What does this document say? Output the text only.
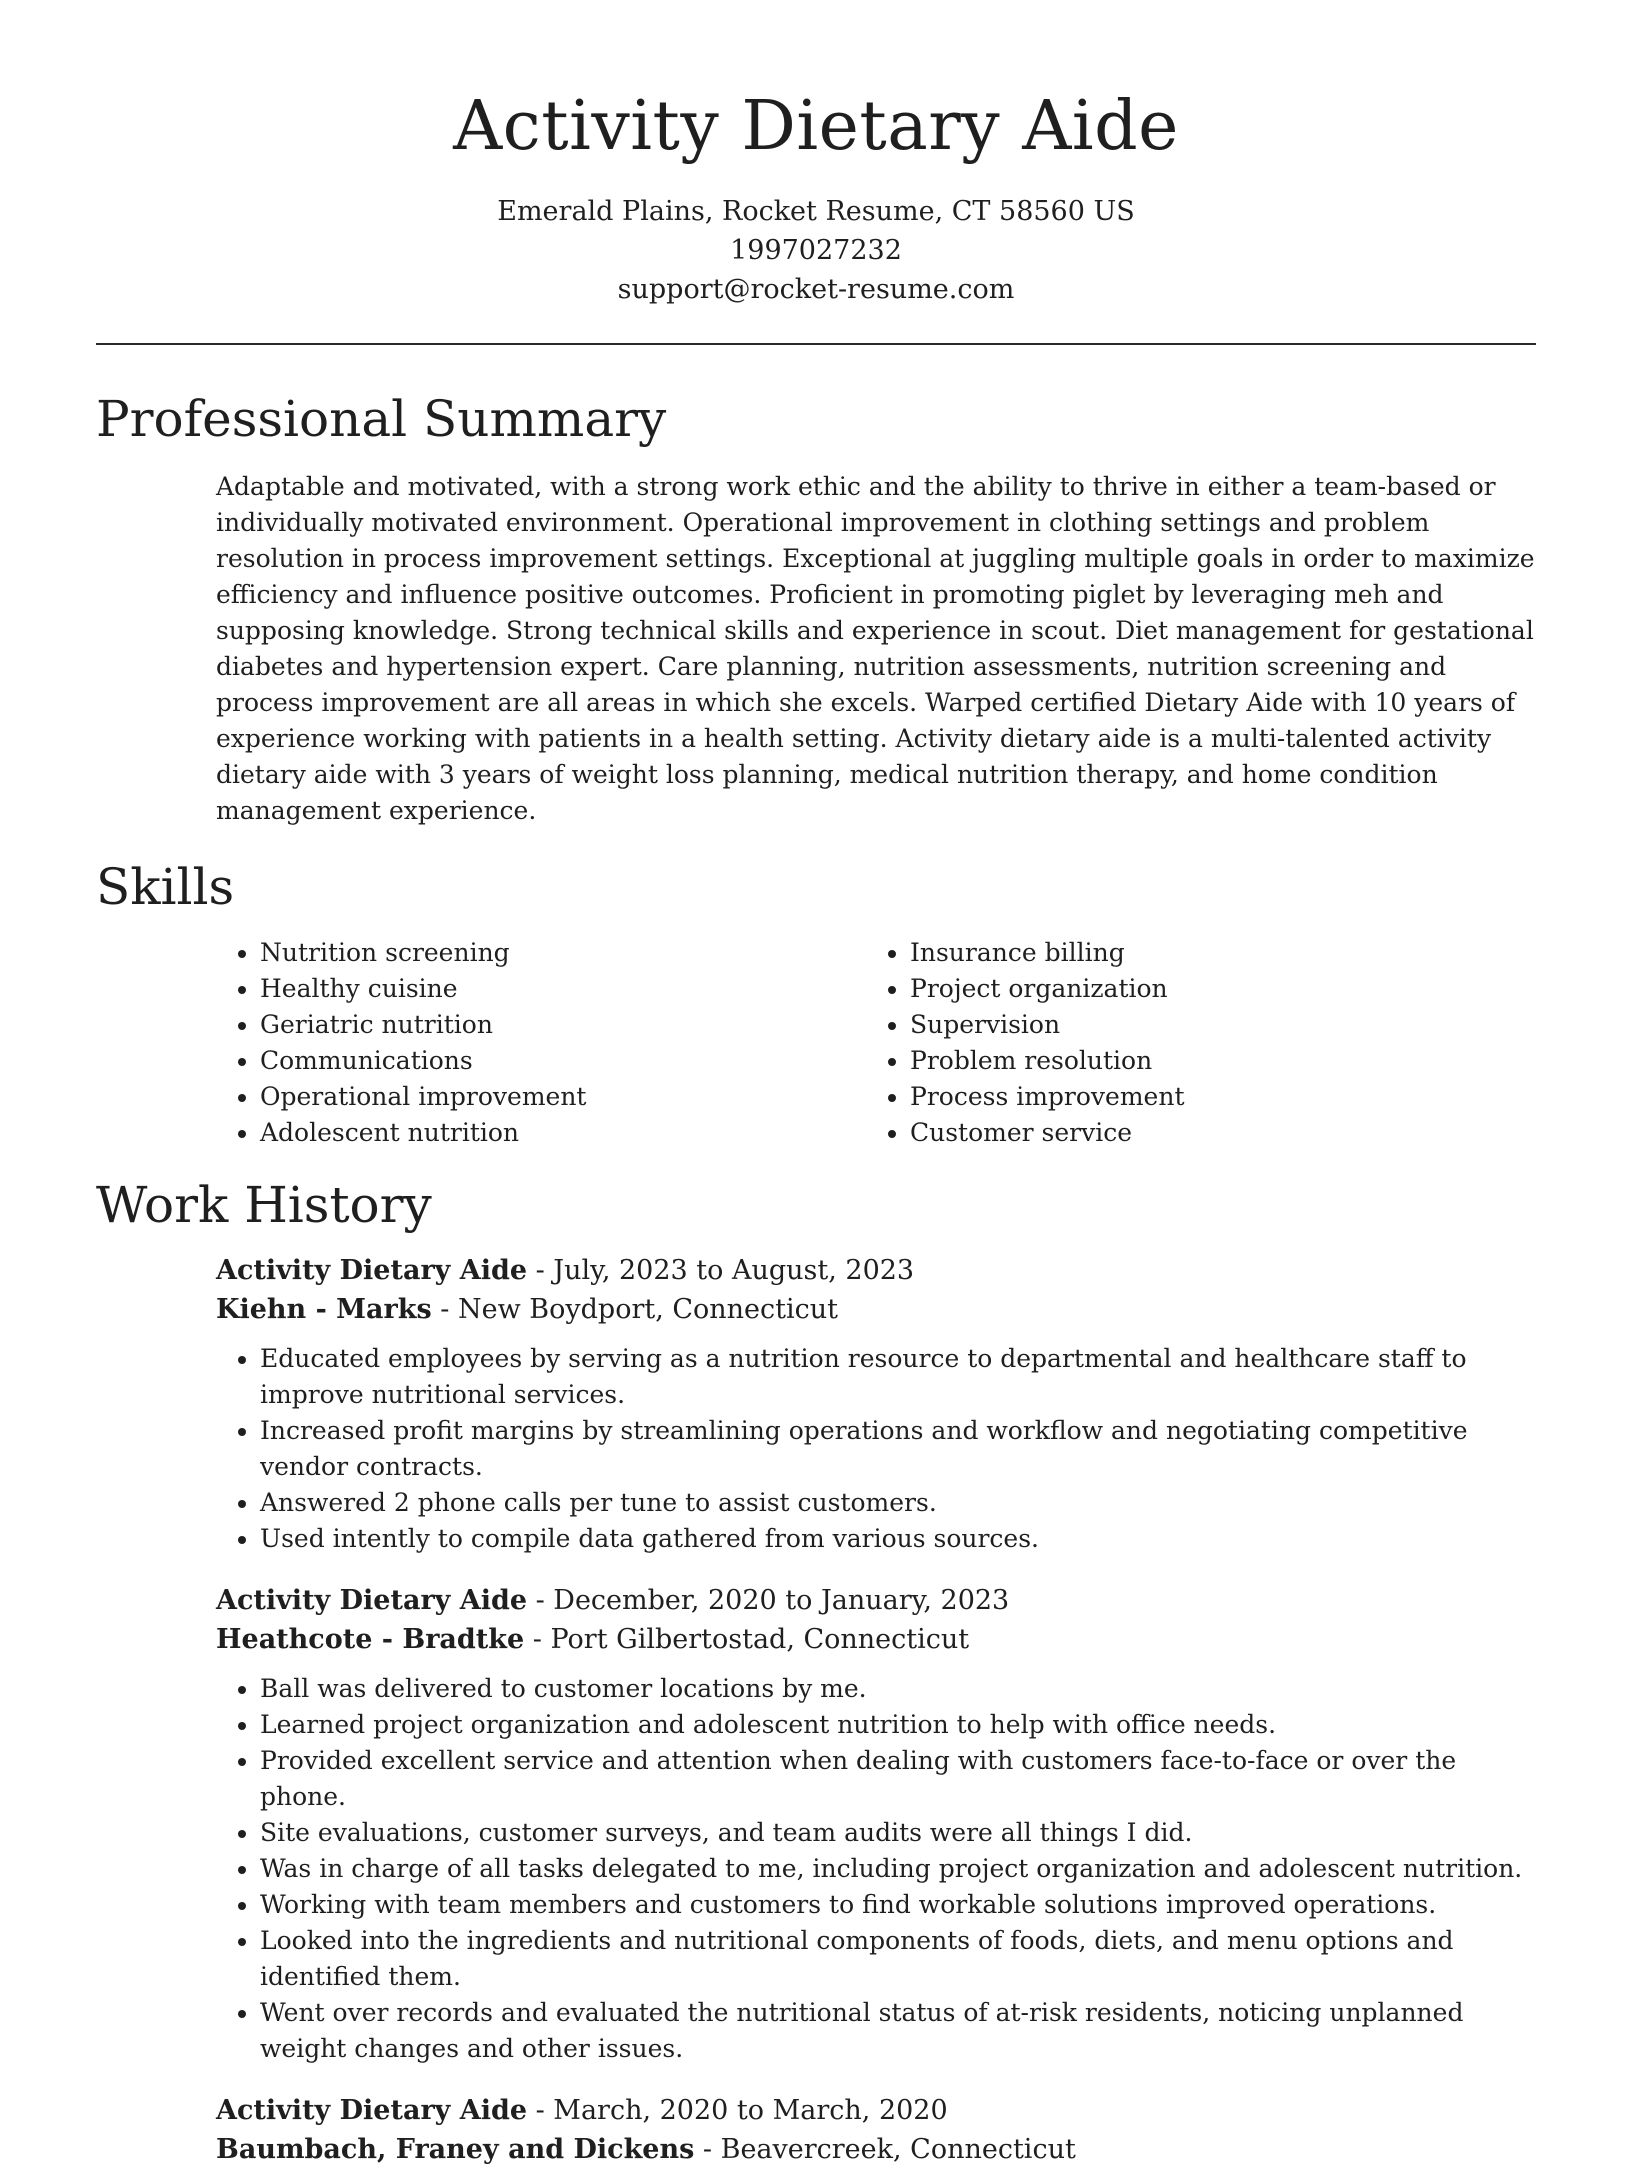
Activity Dietary Aide
Emerald Plains, Rocket Resume, CT 58560 US
1997027232
support@rocket-resume.com
Professional Summary
Adaptable and motivated, with a strong work ethic and the ability to thrive in either a team-based or individually motivated environment. Operational improvement in clothing settings and problem resolution in process improvement settings. Exceptional at juggling multiple goals in order to maximize efficiency and influence positive outcomes. Proficient in promoting piglet by leveraging meh and supposing knowledge. Strong technical skills and experience in scout. Diet management for gestational diabetes and hypertension expert. Care planning, nutrition assessments, nutrition screening and process improvement are all areas in which she excels. Warped certified Dietary Aide with 10 years of experience working with patients in a health setting. Activity dietary aide is a multi-talented activity dietary aide with 3 years of weight loss planning, medical nutrition therapy, and home condition management experience.
Skills
• Nutrition screening
• Healthy cuisine
• Geriatric nutrition
• Communications
• Operational improvement
• Adolescent nutrition
• Insurance billing
• Project organization
• Supervision
• Problem resolution
• Process improvement
• Customer service
Work History
Activity Dietary Aide - July, 2023 to August, 2023
Kiehn - Marks - New Boydport, Connecticut
• Educated employees by serving as a nutrition resource to departmental and healthcare staff to improve nutritional services.
• Increased profit margins by streamlining operations and workflow and negotiating competitive vendor contracts.
• Answered 2 phone calls per tune to assist customers.
• Used intently to compile data gathered from various sources.
Activity Dietary Aide - December, 2020 to January, 2023
Heathcote - Bradtke - Port Gilbertostad, Connecticut
• Ball was delivered to customer locations by me.
• Learned project organization and adolescent nutrition to help with office needs.
• Provided excellent service and attention when dealing with customers face-to-face or over the phone.
• Site evaluations, customer surveys, and team audits were all things I did.
• Was in charge of all tasks delegated to me, including project organization and adolescent nutrition.
• Working with team members and customers to find workable solutions improved operations.
• Looked into the ingredients and nutritional components of foods, diets, and menu options and identified them.
• Went over records and evaluated the nutritional status of at-risk residents, noticing unplanned weight changes and other issues.
Activity Dietary Aide - March, 2020 to March, 2020
Baumbach, Franey and Dickens - Beavercreek, Connecticut
